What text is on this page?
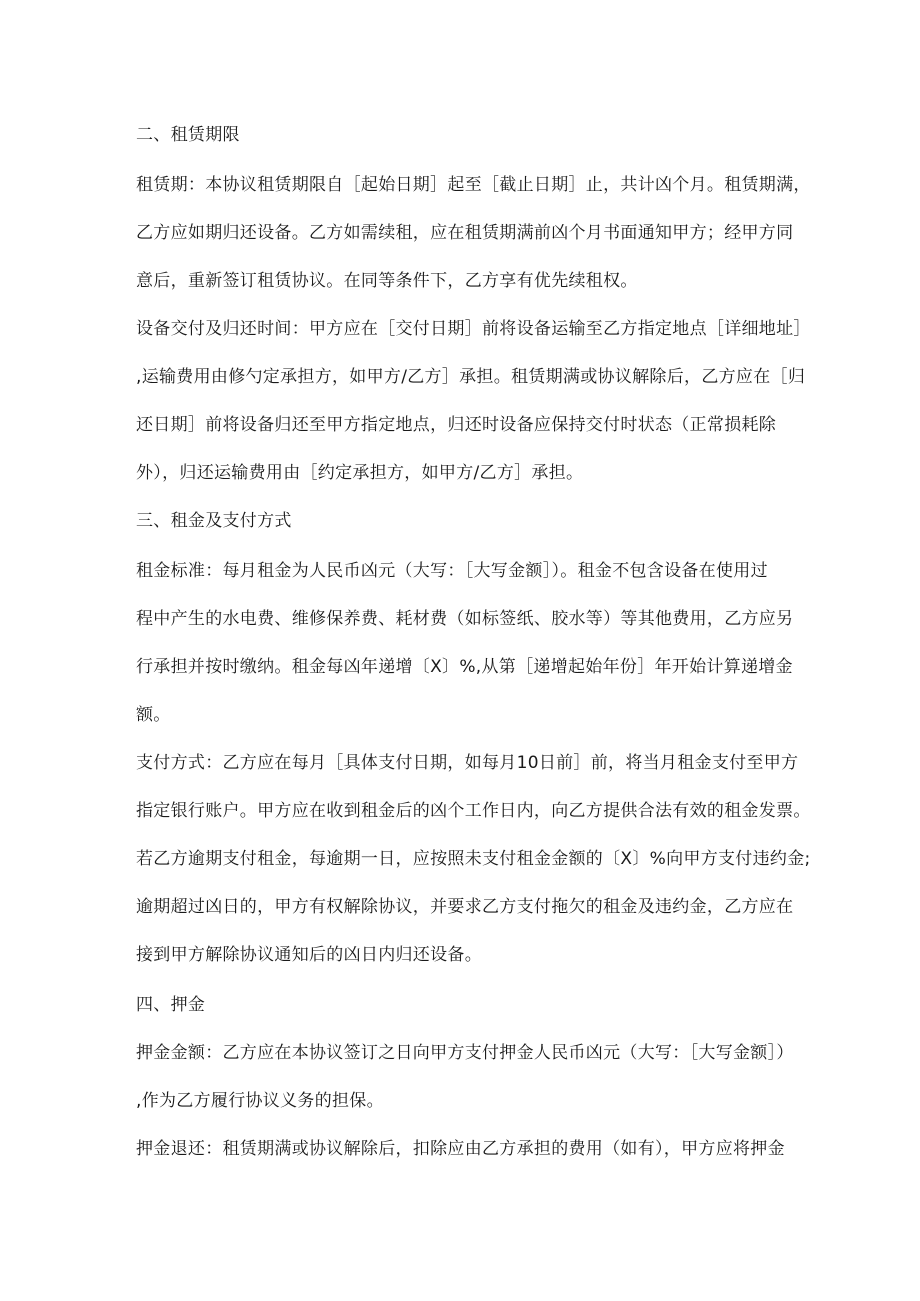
二、租赁期限
租赁期：本协议租赁期限自［起始日期］起至［截止日期］止，共计凶个月。租赁期满，
乙方应如期归还设备。乙方如需续租，应在租赁期满前凶个月书面通知甲方；经甲方同
意后，重新签订租赁协议。在同等条件下，乙方享有优先续租权。
设备交付及归还时间：甲方应在［交付日期］前将设备运输至乙方指定地点［详细地址］
,运输费用由修勺定承担方，如甲方/乙方］承担。租赁期满或协议解除后，乙方应在［归
还日期］前将设备归还至甲方指定地点，归还时设备应保持交付时状态（正常损耗除
外），归还运输费用由［约定承担方，如甲方/乙方］承担。
三、租金及支付方式
租金标准：每月租金为人民币凶元（大写：［大写金额］）。租金不包含设备在使用过
程中产生的水电费、维修保养费、耗材费（如标签纸、胶水等）等其他费用，乙方应另
行承担并按时缴纳。租金每凶年递增〔X〕%,从第［递增起始年份］年开始计算递增金
额。
支付方式：乙方应在每月［具体支付日期，如每月10日前］前，将当月租金支付至甲方
指定银行账户。甲方应在收到租金后的凶个工作日内，向乙方提供合法有效的租金发票。
若乙方逾期支付租金，每逾期一日，应按照未支付租金金额的〔X〕%向甲方支付违约金;
逾期超过凶日的，甲方有权解除协议，并要求乙方支付拖欠的租金及违约金，乙方应在
接到甲方解除协议通知后的凶日内归还设备。
四、押金
押金金额：乙方应在本协议签订之日向甲方支付押金人民币凶元（大写：［大写金额］）
,作为乙方履行协议义务的担保。
押金退还：租赁期满或协议解除后，扣除应由乙方承担的费用（如有），甲方应将押金
